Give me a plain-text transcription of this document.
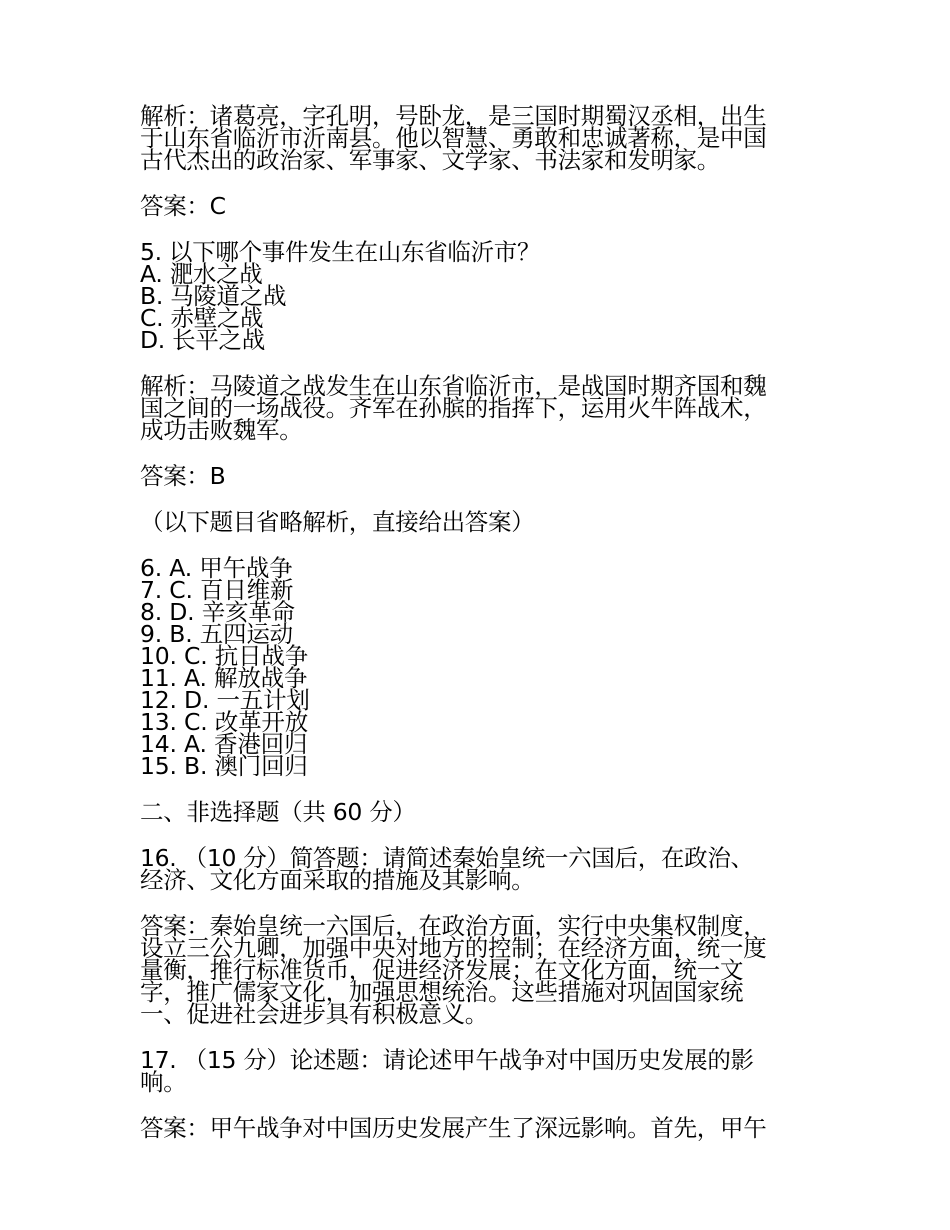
解析：诸葛亮，字孔明，号卧龙，是三国时期蜀汉丞相，出生
于山东省临沂市沂南县。他以智慧、勇敢和忠诚著称，是中国
古代杰出的政治家、军事家、文学家、书法家和发明家。
答案：C
5. 以下哪个事件发生在山东省临沂市？
A. 淝水之战
B. 马陵道之战
C. 赤壁之战
D. 长平之战
解析：马陵道之战发生在山东省临沂市，是战国时期齐国和魏
国之间的一场战役。齐军在孙膑的指挥下，运用火牛阵战术，
成功击败魏军。
答案：B
（以下题目省略解析，直接给出答案）
6. A. 甲午战争
7. C. 百日维新
8. D. 辛亥革命
9. B. 五四运动
10. C. 抗日战争
11. A. 解放战争
12. D. 一五计划
13. C. 改革开放
14. A. 香港回归
15. B. 澳门回归
二、非选择题（共 60 分）
16. （10 分）简答题：请简述秦始皇统一六国后，在政治、
经济、文化方面采取的措施及其影响。
答案：秦始皇统一六国后，在政治方面，实行中央集权制度，
设立三公九卿，加强中央对地方的控制；在经济方面，统一度
量衡，推行标准货币，促进经济发展；在文化方面，统一文
字，推广儒家文化，加强思想统治。这些措施对巩固国家统
一、促进社会进步具有积极意义。
17. （15 分）论述题：请论述甲午战争对中国历史发展的影
响。
答案：甲午战争对中国历史发展产生了深远影响。首先，甲午
